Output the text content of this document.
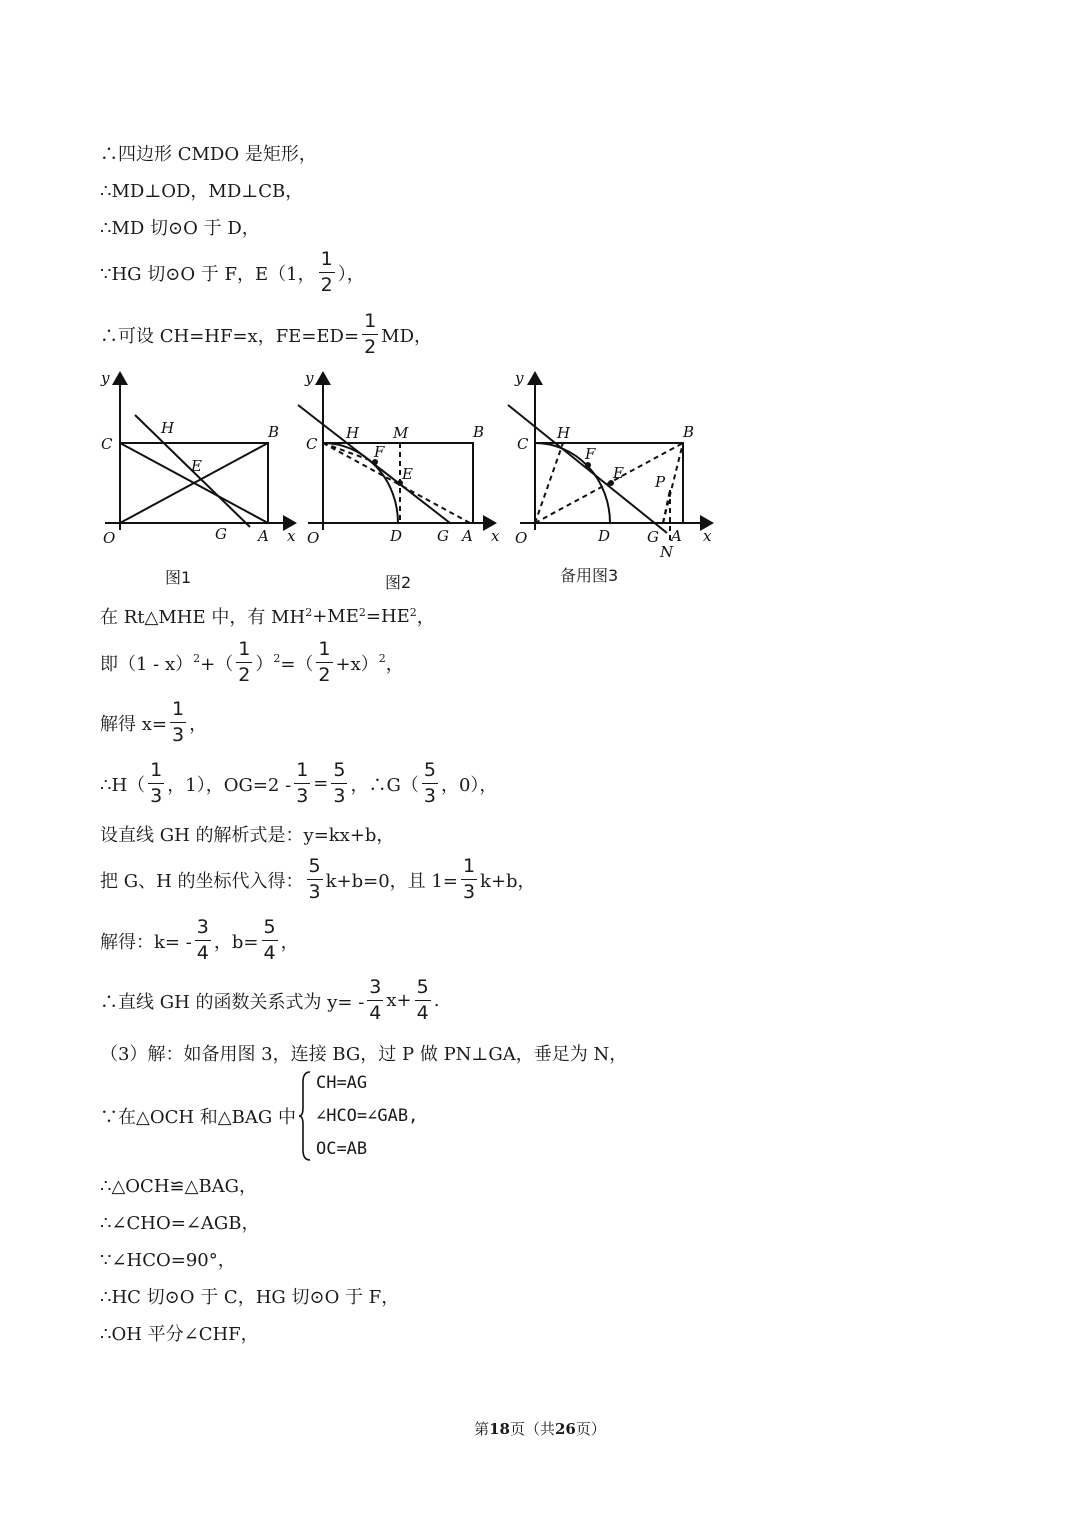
∴四边形 CMDO 是矩形，
∴MD⊥OD，MD⊥CB，
∴MD 切⊙O 于 D，
∵HG 切⊙O 于 F，E（1， $\frac{1}{2}$ ），
∴可设 CH=HF=x，$FE=ED= \frac{1}{2}$ MD，
y
x
O
C
B
A
H
E
G
y
x
O
C
B
A
H M
F
E
D G
y
x
O
C
B
A
H
F
E
D G
P
N
图1	图2	备用图3
在 Rt△MHE 中，有 $MH^2 +ME^2 =HE^2$ ，
即（1 - x）$^2$ +（ $\frac{1}{2} )^2$ =（ $\frac{1}{2} +x)^2$ ，
解得 $x= \frac{1}{3}$ ，
∴H（ $\frac{1}{3}$ ，1），$OG=2 - \frac{1}{3} = \frac{5}{3}$ ，∴G（ $\frac{5}{3}$ ，0），
设直线 GH 的解析式是：y=kx+b，
把 G、H 的坐标代入得： $\frac{5}{3} k+b=0$，且 $1= \frac{1}{3} k+b$，
解得：$k= - \frac{3}{4}$ ，$b= \frac{5}{4}$ ，
∴直线 GH 的函数关系式为 $y= - \frac{3}{4} x+ \frac{5}{4}$ .
（3）解：如备用图 3，连接 BG，过 P 做 PN⊥GA，垂足为 N，
∵在△OCH 和△BAG 中
CH=AG
∠HCO=∠GAB,
OC=AB
∴△OCH≌△BAG，
∴∠CHO=∠AGB，
∵∠HCO=90°，
∴HC 切⊙O 于 C，HG 切⊙O 于 F，
∴OH 平分∠CHF，
第18页（共26页）
